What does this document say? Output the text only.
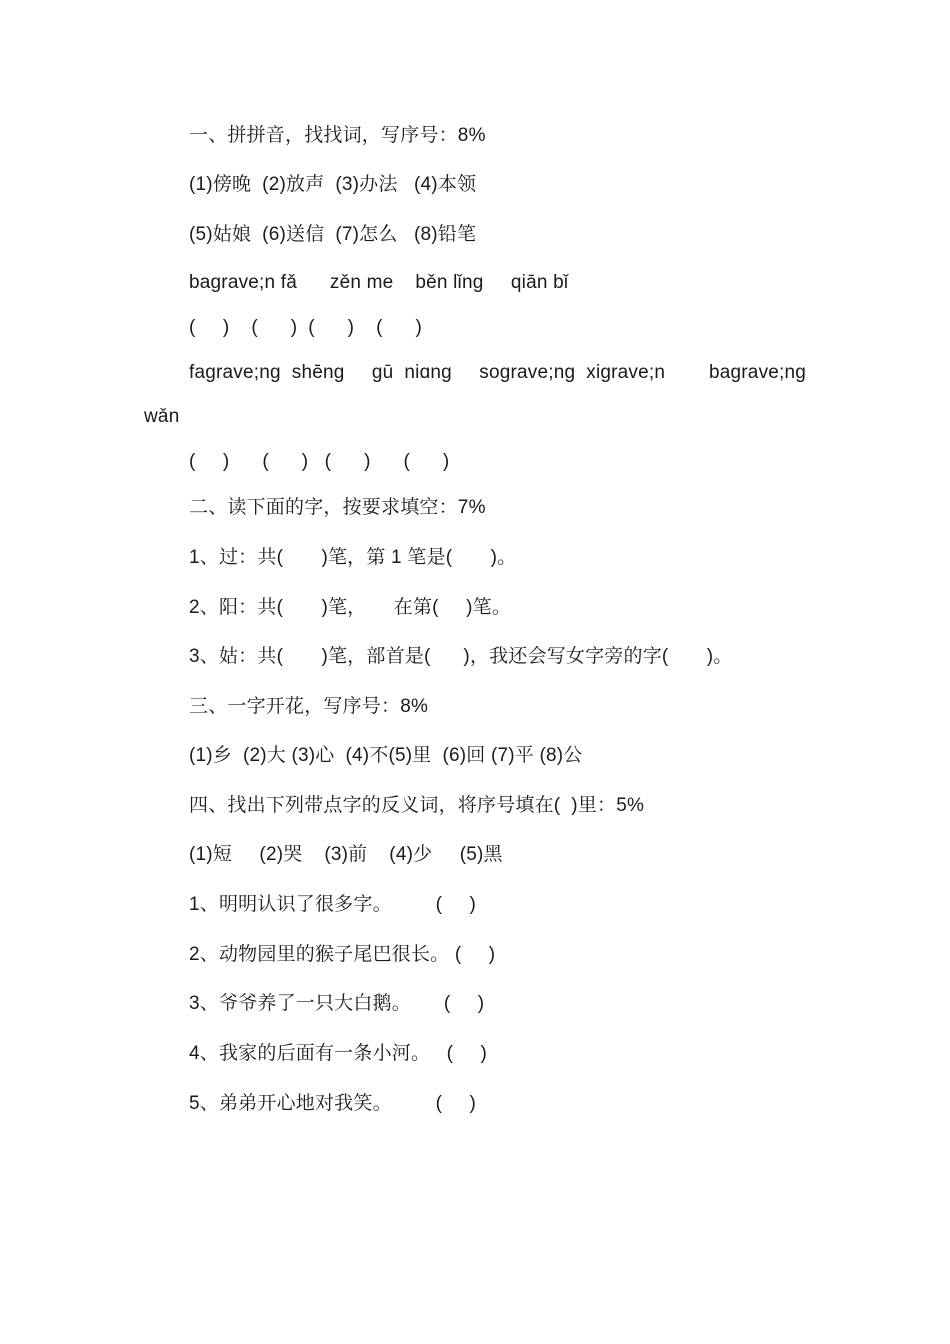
一、拼拼音，找找词，写序号：8%
(1)傍晚  (2)放声  (3)办法   (4)本领
(5)姑娘  (6)送信  (7)怎么   (8)铅笔
bagrave;n fǎ      zěn me    běn lǐng     qiān bǐ
(     )    (      )  (      )    (      )
fagrave;ng  shēng     gū  niɑng     sograve;ng  xigrave;n        bagrave;ng
wǎn
(     )      (      )   (      )      (      )
二、读下面的字，按要求填空：7%
1、过：共(       )笔，第 1 笔是(       )。
2、阳：共(       )笔，     在第(     )笔。
3、姑：共(       )笔，部首是(      )，我还会写女字旁的字(       )。
三、一字开花，写序号：8%
(1)乡  (2)大 (3)心  (4)不(5)里  (6)回 (7)平 (8)公
四、找出下列带点字的反义词，将序号填在(  )里：5%
(1)短     (2)哭    (3)前    (4)少     (5)黑
1、明明认识了很多字。        (     )
2、动物园里的猴子尾巴很长。 (     )
3、爷爷养了一只大白鹅。      (     )
4、我家的后面有一条小河。   (     )
5、弟弟开心地对我笑。        (     )
